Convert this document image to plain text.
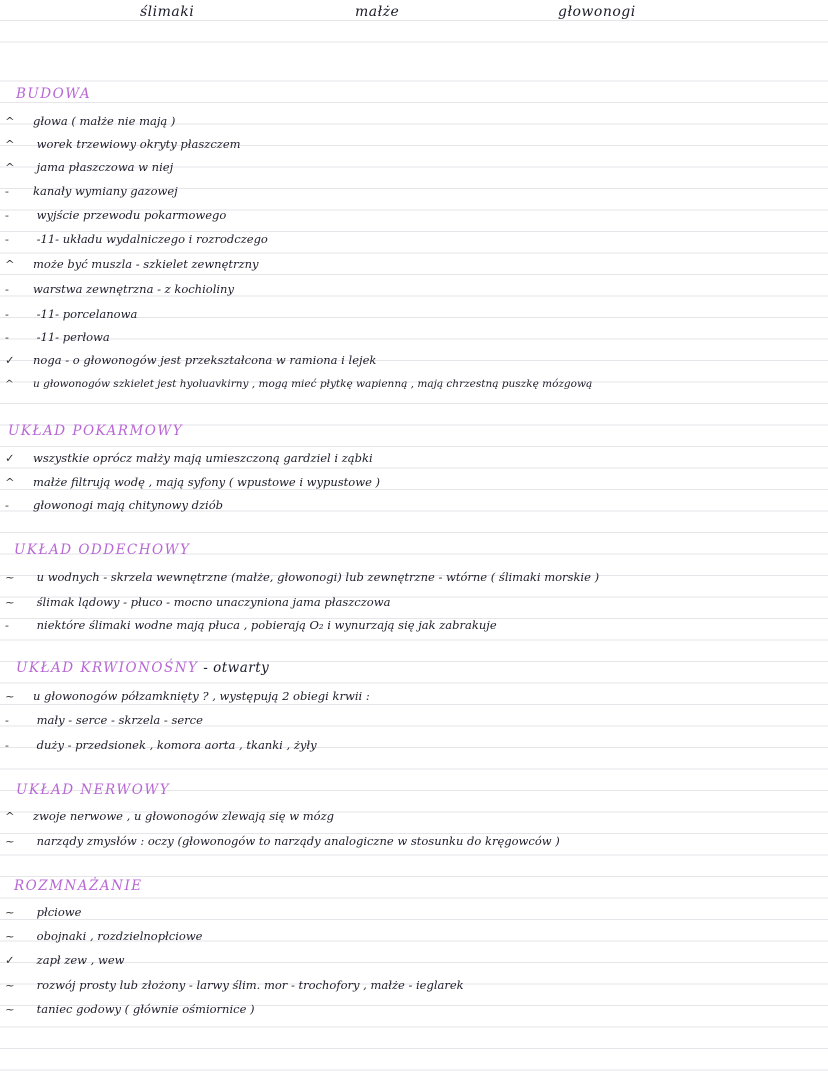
ślimaki	małże	głowonogi
BUDOWA
^ głowa ( małże nie mają )
^ worek trzewiowy okryty płaszczem
^ jama płaszczowa w niej
- kanały wymiany gazowej
- wyjście przewodu pokarmowego
- -11- układu wydalniczego i rozrodczego
^ może być muszla - szkielet zewnętrzny
- warstwa zewnętrzna - z kochioliny
- -11- porcelanowa
- -11- perłowa
✓ noga - o głowonogów jest przekształcona w ramiona i lejek
^ u głowonogów szkielet jest hyoluavkirny , mogą mieć płytkę wapienną , mają chrzestną puszkę mózgową
UKŁAD POKARMOWY
✓ wszystkie oprócz małży mają umieszczoną gardziel i ząbki
^ małże filtrują wodę , mają syfony ( wpustowe i wypustowe )
- głowonogi mają chitynowy dziób
UKŁAD ODDECHOWY
~ u wodnych - skrzela wewnętrzne (małże, głowonogi) lub zewnętrzne - wtórne ( ślimaki morskie )
~ ślimak lądowy - płuco - mocno unaczyniona jama płaszczowa
- niektóre ślimaki wodne mają płuca , pobierają O₂ i wynurzają się jak zabrakuje
UKŁAD KRWIONOŚNY - otwarty
~ u głowonogów półzamknięty ? , występują 2 obiegi krwii :
- mały - serce - skrzela - serce
- duży - przedsionek , komora aorta , tkanki , żyły
UKŁAD NERWOWY
^ zwoje nerwowe , u głowonogów zlewają się w mózg
~ narządy zmysłów : oczy (głowonogów to narządy analogiczne w stosunku do kręgowców )
ROZMNAŻANIE
~ płciowe
~ obojnaki , rozdzielnopłciowe
✓ zapł zew , wew
~ rozwój prosty lub złożony - larwy ślim. mor - trochofory , małże - ieglarek
~ taniec godowy ( głównie ośmiornice )
